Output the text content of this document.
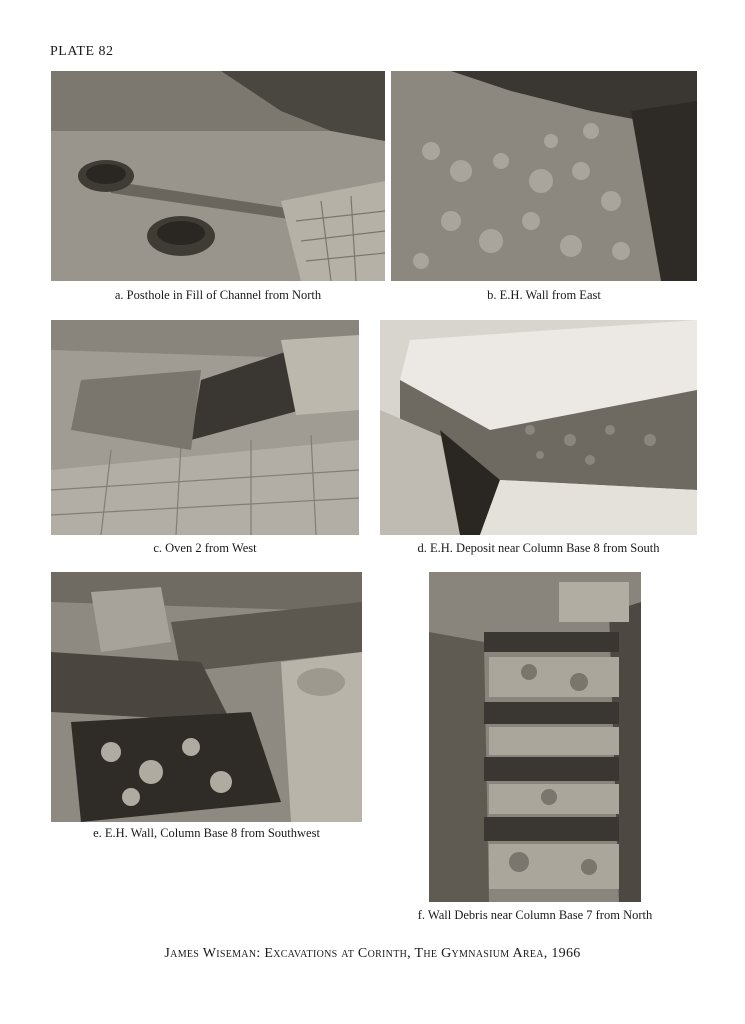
PLATE 82
a. Posthole in Fill of Channel from North	b. E.H. Wall from East
c. Oven 2 from West	d. E.H. Deposit near Column Base 8 from South
e. E.H. Wall, Column Base 8 from Southwest
f. Wall Debris near Column Base 7 from North
James Wiseman: Excavations at Corinth, The Gymnasium Area, 1966
